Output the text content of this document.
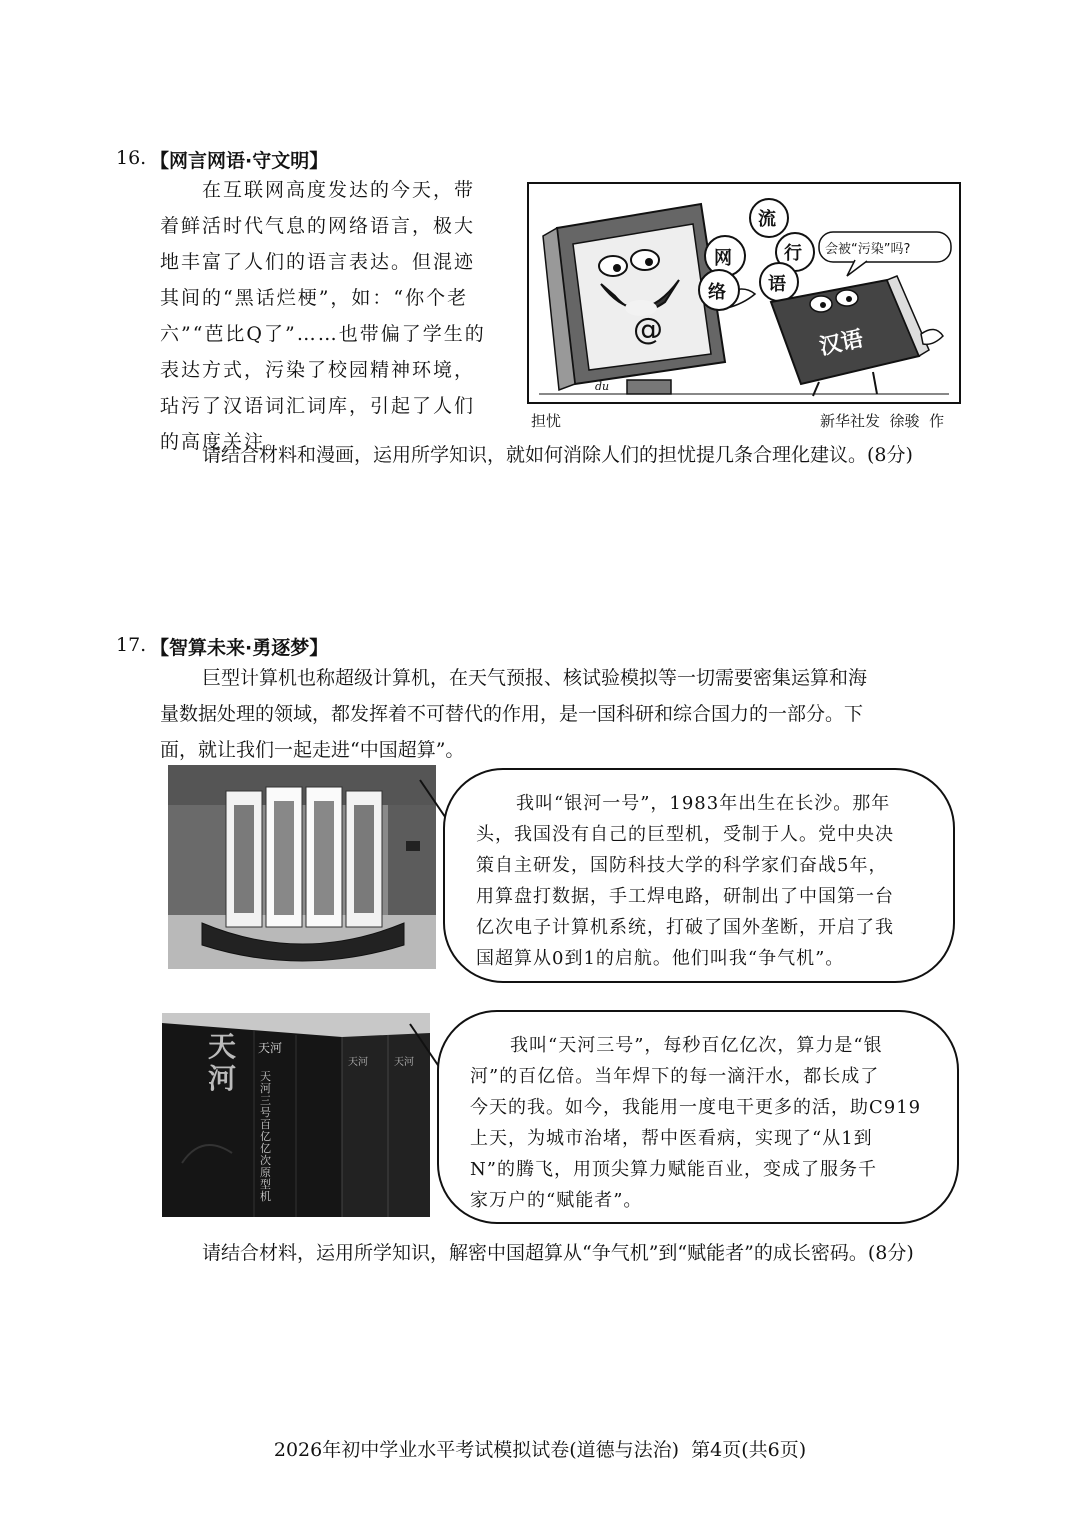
16. 【网言网语·守文明】
在互联网高度发达的今天，带
着鲜活时代气息的网络语言，极大
地丰富了人们的语言表达。但混迹
其间的“黑话烂梗”，如：“你个老
六”“芭比Q了”……也带偏了学生的
表达方式，污染了校园精神环境，
玷污了汉语词汇词库，引起了人们
的高度关注。
流
网	行
络 语
会被“污染”吗?
@	汉语
du
担忧	新华社发  徐骏  作
请结合材料和漫画，运用所学知识，就如何消除人们的担忧提几条合理化建议。(8分)
17. 【智算未来·勇逐梦】
巨型计算机也称超级计算机，在天气预报、核试验模拟等一切需要密集运算和海
量数据处理的领域，都发挥着不可替代的作用，是一国科研和综合国力的一部分。下
面，就让我们一起走进“中国超算”。
我叫“银河一号”，1983年出生在长沙。那年
头，我国没有自己的巨型机，受制于人。党中央决
策自主研发，国防科技大学的科学家们奋战5年，
用算盘打数据，手工焊电路，研制出了中国第一台
亿次电子计算机系统，打破了国外垄断，开启了我
国超算从0到1的启航。他们叫我“争气机”。
天河
天河
天河三号百亿亿次原型机
天河	天河
我叫“天河三号”，每秒百亿亿次，算力是“银
河”的百亿倍。当年焊下的每一滴汗水，都长成了
今天的我。如今，我能用一度电干更多的活，助C919
上天，为城市治堵，帮中医看病，实现了“从1到
N”的腾飞，用顶尖算力赋能百业，变成了服务千
家万户的“赋能者”。
请结合材料，运用所学知识，解密中国超算从“争气机”到“赋能者”的成长密码。(8分)
2026年初中学业水平考试模拟试卷(道德与法治)  第4页(共6页)
